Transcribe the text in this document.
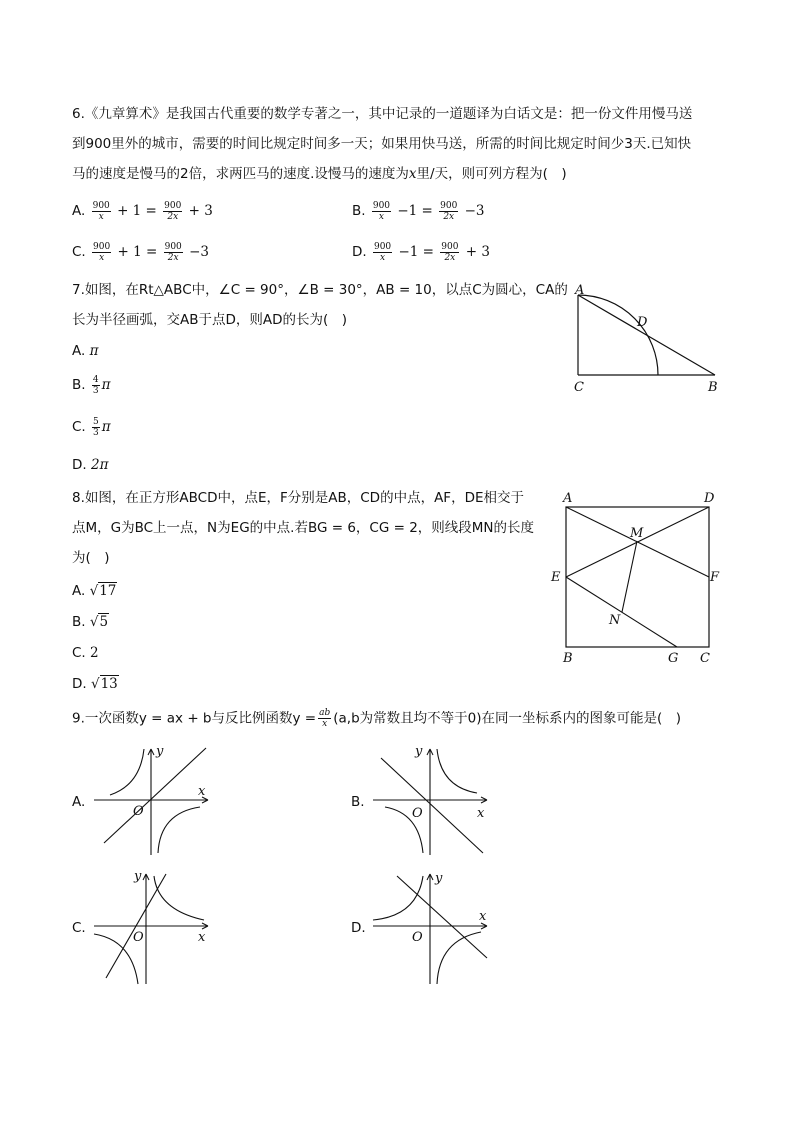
6.《九章算术》是我国古代重要的数学专著之一，其中记录的一道题译为白话文是：把一份文件用慢马送
到900里外的城市，需要的时间比规定时间多一天；如果用快马送，所需的时间比规定时间少3天.已知快
马的速度是慢马的2倍，求两匹马的速度.设慢马的速度为x里/天，则可列方程为(　)
A. $\frac{900}{x} + 1 = \frac{900}{2x} + 3$	B. $\frac{900}{x} -1 = \frac{900}{2x} -3$
C. $\frac{900}{x} + 1 = \frac{900}{2x} -3$	D. $\frac{900}{x} -1 = \frac{900}{2x} + 3$
7.如图，在Rt△ABC中，∠C = 90°，∠B = 30°，AB = 10，以点C为圆心，CA的
长为半径画弧，交AB于点D，则AD的长为(　)
A. π
B. $\frac{4}{3}$ π
C. $\frac{5}{3}$ π
D. 2π
A
D
C	B
8.如图，在正方形ABCD中，点E，F分别是AB，CD的中点，AF，DE相交于
点M，G为BC上一点，N为EG的中点.若BG = 6，CG = 2，则线段MN的长度
为(　)
A. √17
B. √5
C. 2
D. √13
A	D
M
E	F
N
B	G C
9.一次函数y = ax + b与反比例函数$y = \frac{ab}{x} (a,b$为常数且均不等于0)在同一坐标系内的图象可能是(　)
A.
y
x
O
B.
y
x
O
C.
y
x
O
D.
y
x
O
